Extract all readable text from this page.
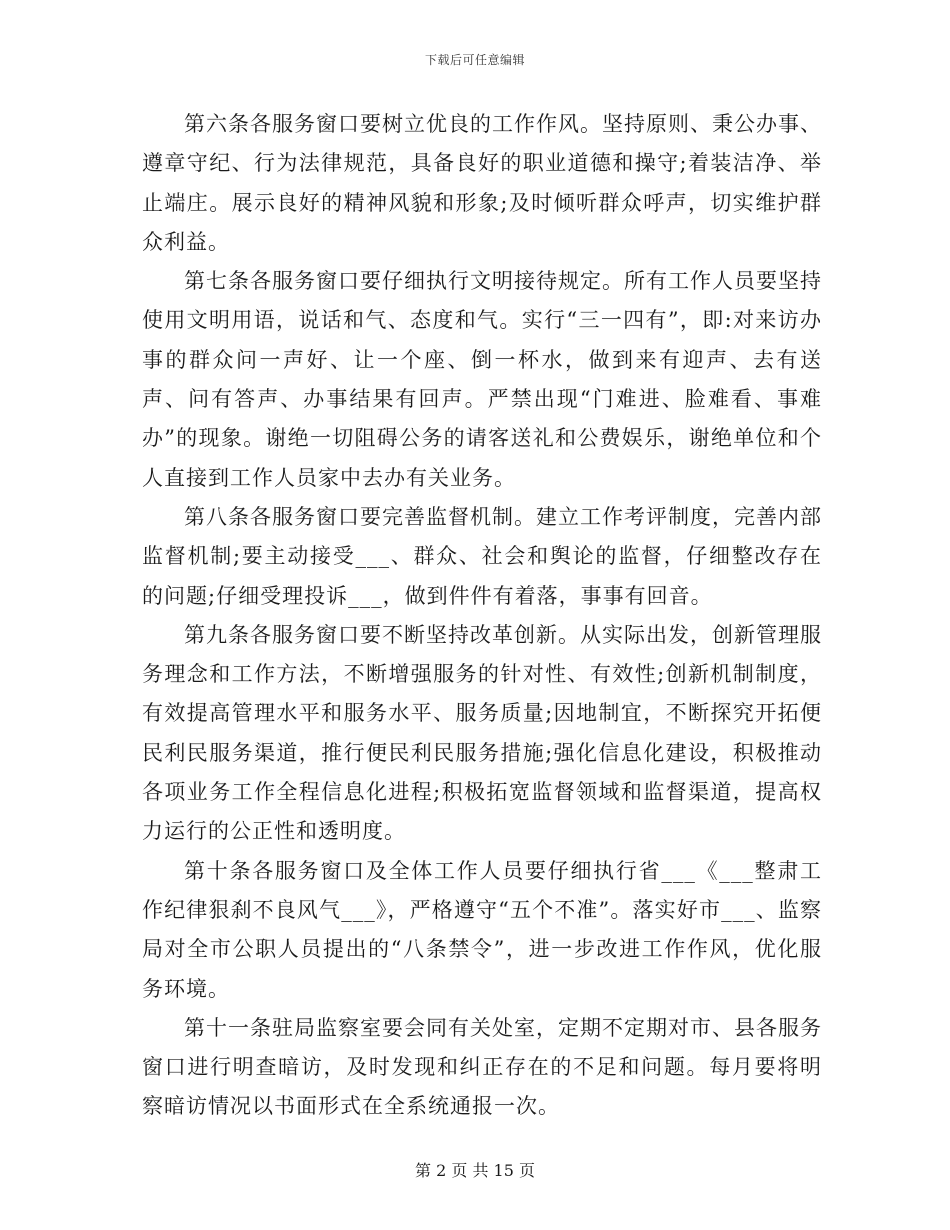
下载后可任意编辑

第六条各服务窗口要树立优良的工作作风。坚持原则、秉公办事、遵章守纪、行为法律规范，具备良好的职业道德和操守;着装洁净、举止端庄。展示良好的精神风貌和形象;及时倾听群众呼声，切实维护群众利益。

第七条各服务窗口要仔细执行文明接待规定。所有工作人员要坚持使用文明用语，说话和气、态度和气。实行“三一四有”，即:对来访办事的群众问一声好、让一个座、倒一杯水，做到来有迎声、去有送声、问有答声、办事结果有回声。严禁出现“门难进、脸难看、事难办”的现象。谢绝一切阻碍公务的请客送礼和公费娱乐，谢绝单位和个人直接到工作人员家中去办有关业务。

第八条各服务窗口要完善监督机制。建立工作考评制度，完善内部监督机制;要主动接受___、群众、社会和舆论的监督，仔细整改存在的问题;仔细受理投诉___，做到件件有着落，事事有回音。

第九条各服务窗口要不断坚持改革创新。从实际出发，创新管理服务理念和工作方法，不断增强服务的针对性、有效性;创新机制制度，有效提高管理水平和服务水平、服务质量;因地制宜，不断探究开拓便民利民服务渠道，推行便民利民服务措施;强化信息化建设，积极推动各项业务工作全程信息化进程;积极拓宽监督领域和监督渠道，提高权力运行的公正性和透明度。

第十条各服务窗口及全体工作人员要仔细执行省___《___整肃工作纪律狠刹不良风气___》，严格遵守“五个不准”。落实好市___、监察局对全市公职人员提出的“八条禁令”，进一步改进工作作风，优化服务环境。

第十一条驻局监察室要会同有关处室，定期不定期对市、县各服务窗口进行明查暗访，及时发现和纠正存在的不足和问题。每月要将明察暗访情况以书面形式在全系统通报一次。

第 2 页 共 15 页
